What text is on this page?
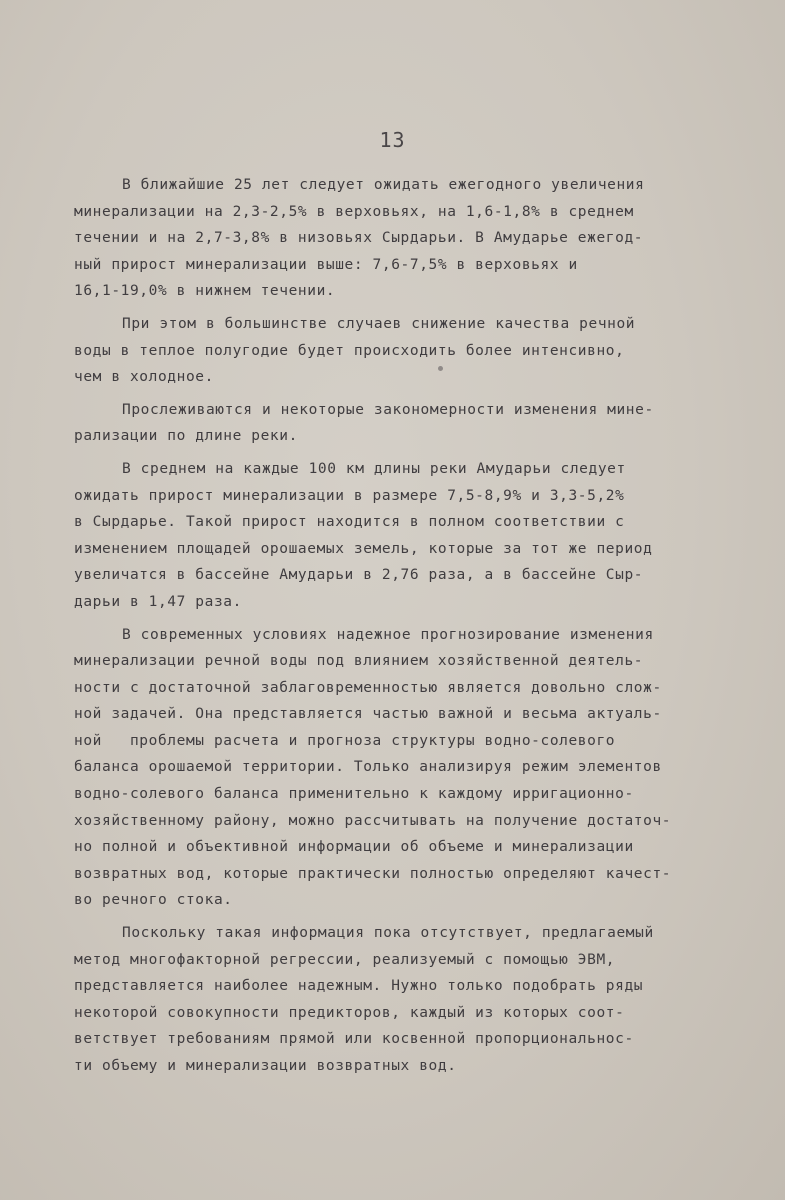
13
В ближайшие 25 лет следует ожидать ежегодного увеличения
минерализации на 2,3-2,5% в верховьях, на 1,6-1,8% в среднем
течении и на 2,7-3,8% в низовьях Сырдарьи. В Амударье ежегод-
ный прирост минерализации выше: 7,6-7,5% в верховьях и
16,1-19,0% в нижнем течении.
При этом в большинстве случаев снижение качества речной
воды в теплое полугодие будет происходить более интенсивно,
чем в холодное.
Прослеживаются и некоторые закономерности изменения мине-
рализации по длине реки.
В среднем на каждые 100 км длины реки Амударьи следует
ожидать прирост минерализации в размере 7,5-8,9% и 3,3-5,2%
в Сырдарье. Такой прирост находится в полном соответствии с
изменением площадей орошаемых земель, которые за тот же период
увеличатся в бассейне Амударьи в 2,76 раза, а в бассейне Сыр-
дарьи в 1,47 раза.
В современных условиях надежное прогнозирование изменения
минерализации речной воды под влиянием хозяйственной деятель-
ности с достаточной заблаговременностью является довольно слож-
ной задачей. Она представляется частью важной и весьма актуаль-
ной   проблемы расчета и прогноза структуры водно-солевого
баланса орошаемой территории. Только анализируя режим элементов
водно-солевого баланса применительно к каждому ирригационно-
хозяйственному району, можно рассчитывать на получение достаточ-
но полной и объективной информации об объеме и минерализации
возвратных вод, которые практически полностью определяют качест-
во речного стока.
Поскольку такая информация пока отсутствует, предлагаемый
метод многофакторной регрессии, реализуемый с помощью ЭВМ,
представляется наиболее надежным. Нужно только подобрать ряды
некоторой совокупности предикторов, каждый из которых соот-
ветствует требованиям прямой или косвенной пропорциональнос-
ти объему и минерализации возвратных вод.
